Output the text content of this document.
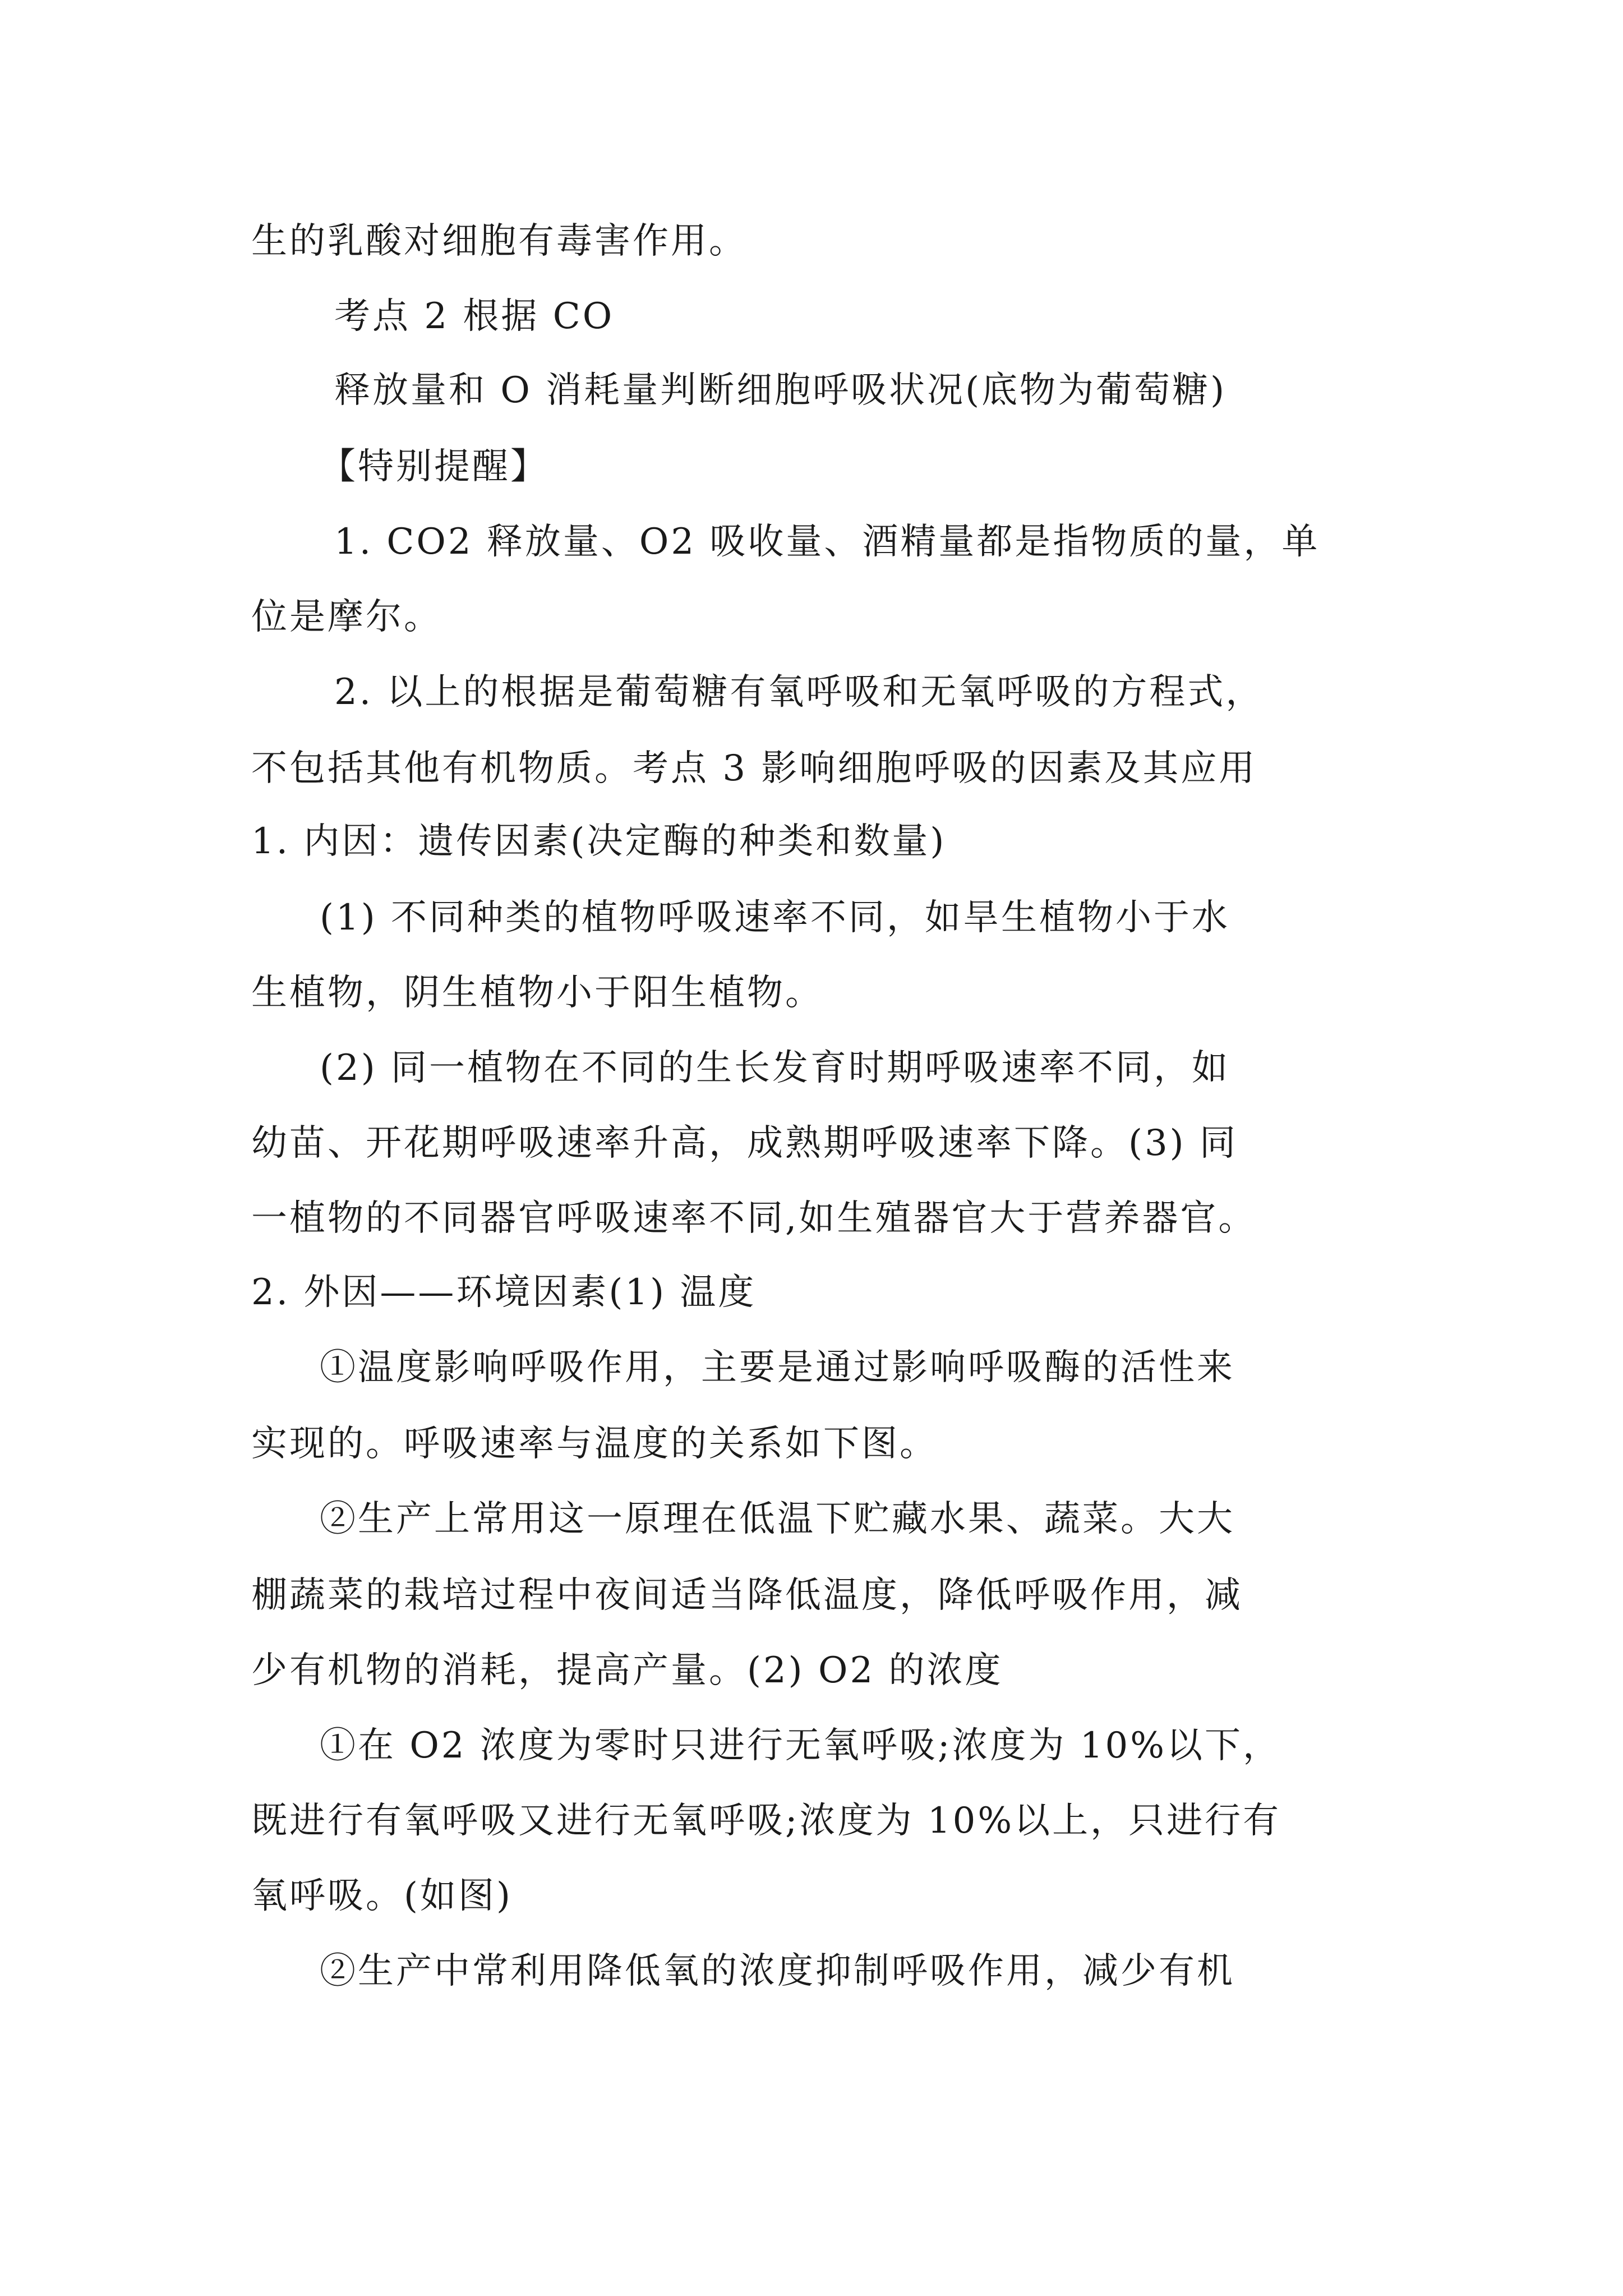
生的乳酸对细胞有毒害作用。
考点 2 根据 CO
释放量和 O 消耗量判断细胞呼吸状况(底物为葡萄糖)
【特别提醒】
1. CO2 释放量、O2 吸收量、酒精量都是指物质的量，单
位是摩尔。
2. 以上的根据是葡萄糖有氧呼吸和无氧呼吸的方程式，
不包括其他有机物质。考点 3 影响细胞呼吸的因素及其应用
1. 内因：遗传因素(决定酶的种类和数量)
(1) 不同种类的植物呼吸速率不同，如旱生植物小于水
生植物，阴生植物小于阳生植物。
(2) 同一植物在不同的生长发育时期呼吸速率不同，如
幼苗、开花期呼吸速率升高，成熟期呼吸速率下降。(3) 同
一植物的不同器官呼吸速率不同,如生殖器官大于营养器官。
2. 外因——环境因素(1) 温度
①温度影响呼吸作用，主要是通过影响呼吸酶的活性来
实现的。呼吸速率与温度的关系如下图。
②生产上常用这一原理在低温下贮藏水果、蔬菜。大大
棚蔬菜的栽培过程中夜间适当降低温度，降低呼吸作用，减
少有机物的消耗，提高产量。(2) O2 的浓度
①在 O2 浓度为零时只进行无氧呼吸;浓度为 10%以下，
既进行有氧呼吸又进行无氧呼吸;浓度为 10%以上，只进行有
氧呼吸。(如图)
②生产中常利用降低氧的浓度抑制呼吸作用，减少有机
